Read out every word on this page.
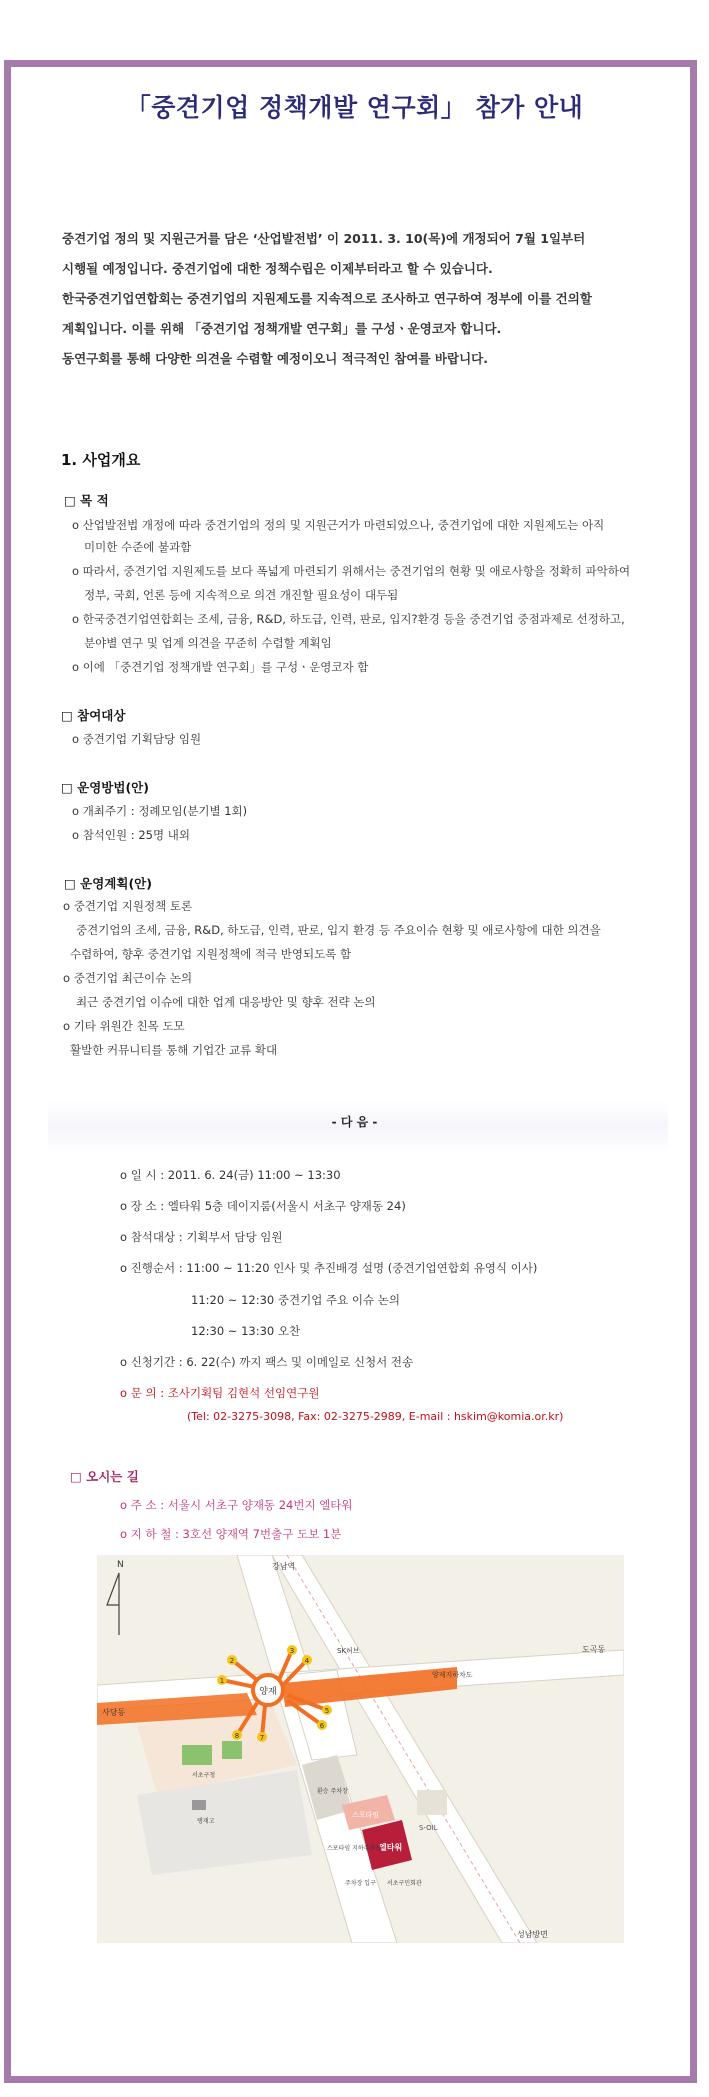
「중견기업 정책개발 연구회」 참가 안내
중견기업 정의 및 지원근거를 담은 ‘산업발전법’ 이 2011. 3. 10(목)에 개정되어 7월 1일부터
시행될 예정입니다. 중견기업에 대한 정책수립은 이제부터라고 할 수 있습니다.
한국중견기업연합회는 중견기업의 지원제도를 지속적으로 조사하고 연구하여 정부에 이를 건의할
계획입니다. 이를 위해 「중견기업 정책개발 연구회」를 구성ㆍ운영코자 합니다.
동연구회를 통해 다양한 의견을 수렴할 예정이오니 적극적인 참여를 바랍니다.
1. 사업개요
□ 목 적
o 산업발전법 개정에 따라 중견기업의 정의 및 지원근거가 마련되었으나, 중견기업에 대한 지원제도는 아직
미미한 수준에 불과함
o 따라서, 중견기업 지원제도를 보다 폭넓게 마련되기 위해서는 중견기업의 현황 및 애로사항을 정확히 파악하여
정부, 국회, 언론 등에 지속적으로 의견 개진할 필요성이 대두됨
o 한국중견기업연합회는 조세, 금융, R&D, 하도급, 인력, 판로, 입지?환경 등을 중견기업 중점과제로 선정하고,
분야별 연구 및 업계 의견을 꾸준히 수렴할 계획임
o 이에 「중견기업 정책개발 연구회」를 구성ㆍ운영코자 함
□ 참여대상
o 중견기업 기획담당 임원
□ 운영방법(안)
o 개최주기 : 정례모임(분기별 1회)
o 참석인원 : 25명 내외
□ 운영계획(안)
o 중견기업 지원정책 토론
중견기업의 조세, 금융, R&D, 하도급, 인력, 판로, 입지 환경 등 주요이슈 현황 및 애로사항에 대한 의견을
수렴하여, 향후 중견기업 지원정책에 적극 반영되도록 함
o 중견기업 최근이슈 논의
최근 중견기업 이슈에 대한 업계 대응방안 및 향후 전략 논의
o 기타 위원간 친목 도모
활발한 커뮤니티를 통해 기업간 교류 확대
- 다 음 -
o 일 시 : 2011. 6. 24(금) 11:00 ~ 13:30
o 장 소 : 엘타워 5층 데이지룸(서울시 서초구 양재동 24)
o 참석대상 : 기획부서 담당 임원
o 진행순서 : 11:00 ~ 11:20 인사 및 추진배경 설명 (중견기업연합회 유영식 이사)
11:20 ~ 12:30 중견기업 주요 이슈 논의
12:30 ~ 13:30 오찬
o 신청기간 : 6. 22(수) 까지 팩스 및 이메일로 신청서 전송
o 문 의 : 조사기획팀 김현석 선임연구원
(Tel: 02-3275-3098, Fax: 02-3275-2989, E-mail : hskim@komia.or.kr)
□ 오시는 길
o 주 소 : 서울시 서초구 양재동 24번지 엘타워
o 지 하 철 : 3호선 양재역 7번출구 도보 1분
양재
1
2
3
4
5
6
7
8
서초구청
탱재고
환승 주차장
스포타임
엘타워
스포타임 지하주차장
주차장 입구 서초구민회관
S-OIL
강남역
도곡동
사당동
성남방면
SK허브
양재지하차도
N
